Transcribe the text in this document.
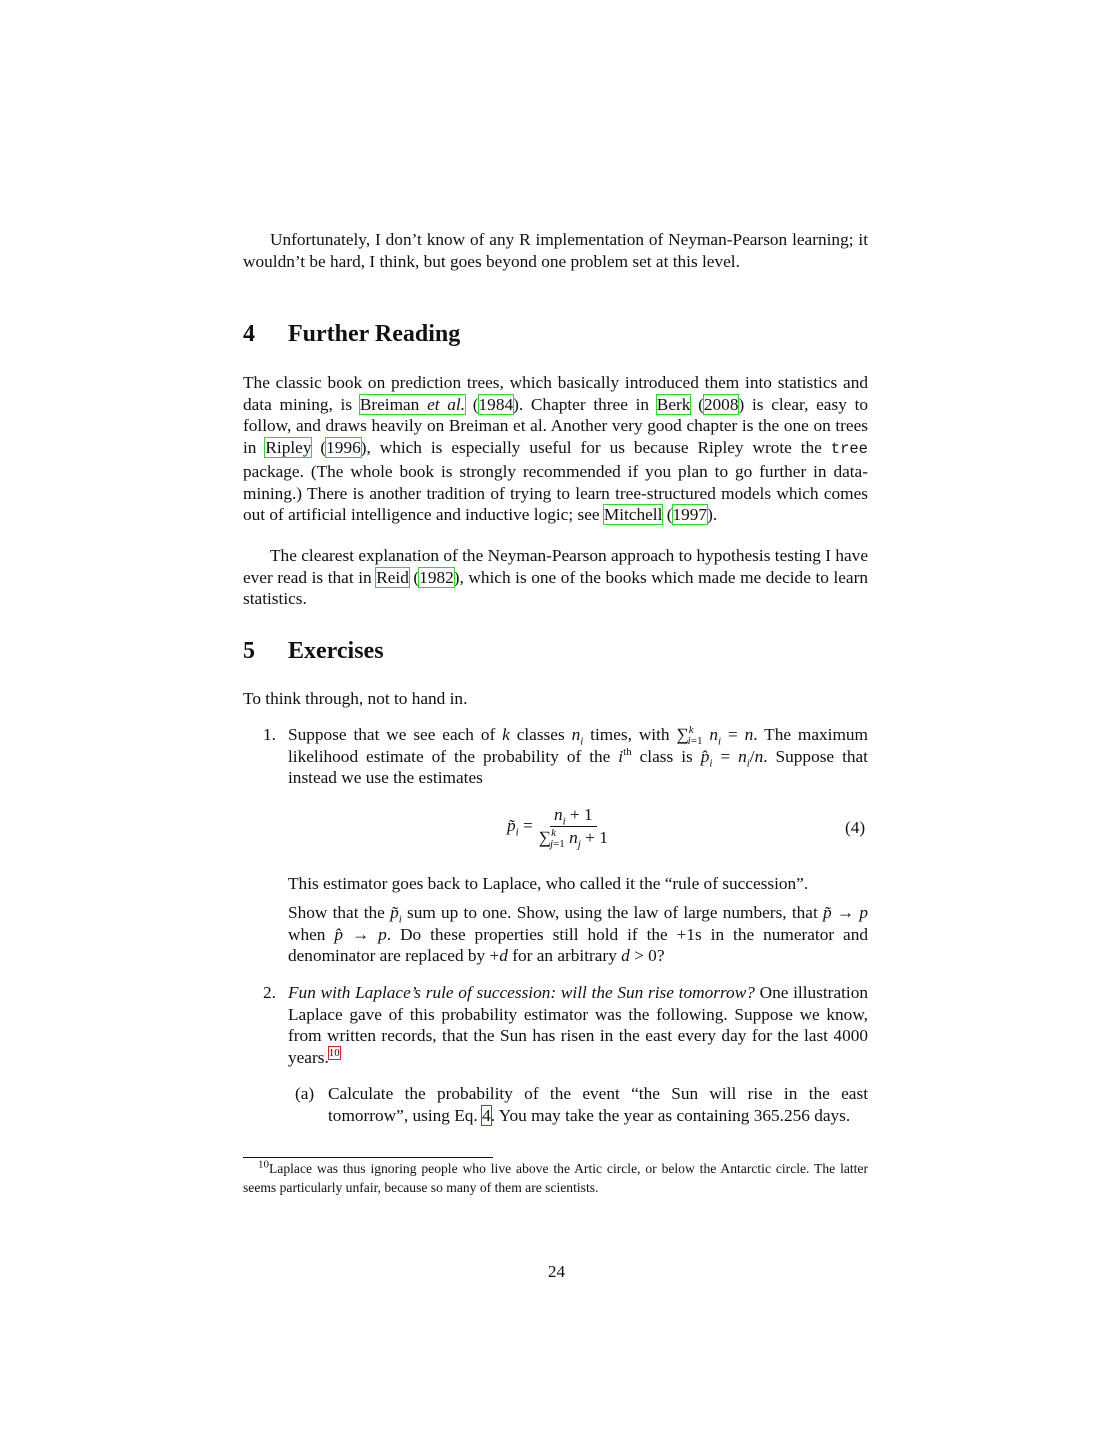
Unfortunately, I don’t know of any R implementation of Neyman-Pearson learning; it wouldn’t be hard, I think, but goes beyond one problem set at this level.
4 Further Reading
The classic book on prediction trees, which basically introduced them into statistics and data mining, is Breiman et al. (1984). Chapter three in Berk (2008) is clear, easy to follow, and draws heavily on Breiman et al. Another very good chapter is the one on trees in Ripley (1996), which is especially useful for us because Ripley wrote the tree package. (The whole book is strongly recommended if you plan to go further in data-mining.) There is another tradition of trying to learn tree-structured models which comes out of artificial intelligence and inductive logic; see Mitchell (1997).
The clearest explanation of the Neyman-Pearson approach to hypothesis testing I have ever read is that in Reid (1982), which is one of the books which made me decide to learn statistics.
5 Exercises
To think through, not to hand in.
1. Suppose that we see each of k classes $n_i$ times, with ∑$^k_{i=1}$ $n_i = n$. The maximum likelihood estimate of the probability of the $i^{th}$ class is $p̂_i = n_i/n$. Suppose that instead we use the estimates
$p̃_i = \frac{n_i + 1}{\sum^k_{j=1} n_j + 1}$	(4)
This estimator goes back to Laplace, who called it the “rule of succession”.
Show that the $p̃_i$ sum up to one. Show, using the law of large numbers, that p̃ → p when p̂ → p. Do these properties still hold if the +1s in the numerator and denominator are replaced by +d for an arbitrary d > 0?
2. Fun with Laplace’s rule of succession: will the Sun rise tomorrow? One illustration Laplace gave of this probability estimator was the following. Suppose we know, from written records, that the Sun has risen in the east every day for the last 4000 years.$^{10}$
(a) Calculate the probability of the event “the Sun will rise in the east tomorrow”, using Eq. 4. You may take the year as containing 365.256 days.
$^{10}$Laplace was thus ignoring people who live above the Artic circle, or below the Antarctic circle. The latter seems particularly unfair, because so many of them are scientists.
24
